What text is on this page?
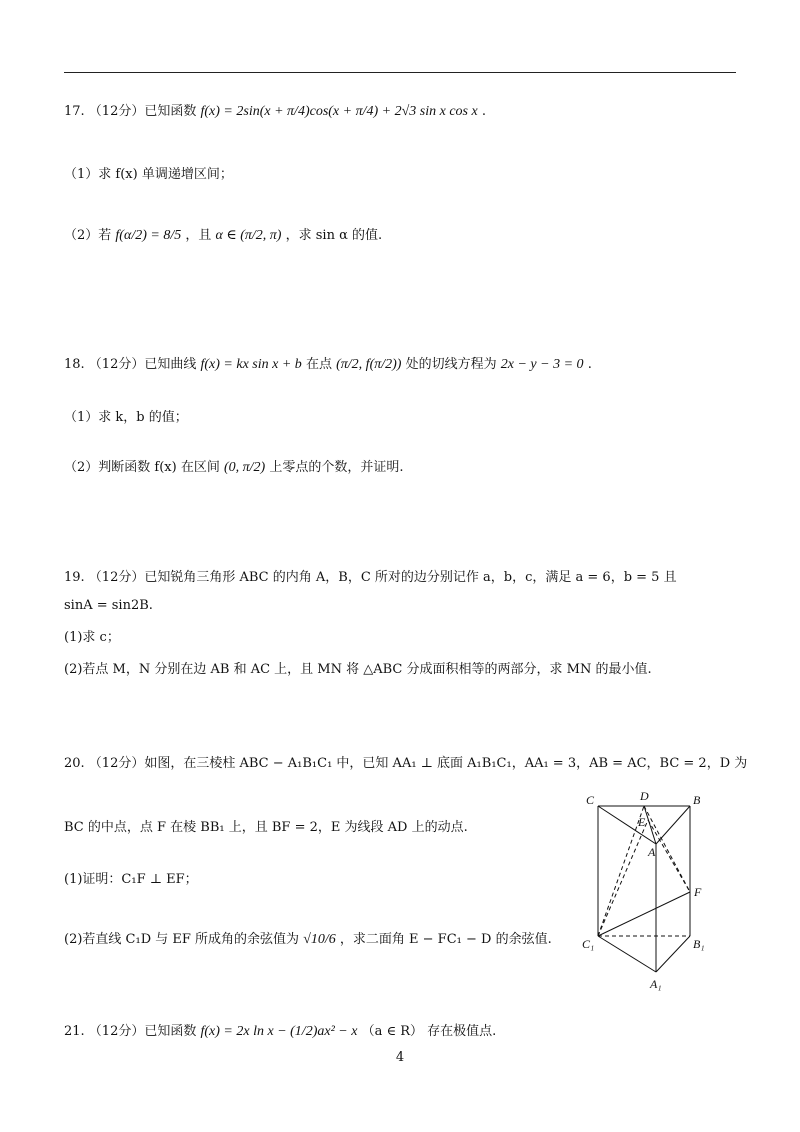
17. （12分）已知函数 f(x) = 2sin(x + π/4)cos(x + π/4) + 2√3 sin x cos x .
（1）求 f(x) 单调递增区间；
（2）若 f(α/2) = 8/5 ，且 α ∈ (π/2, π) ，求 sin α 的值.
18. （12分）已知曲线 f(x) = kx sin x + b 在点 (π/2, f(π/2)) 处的切线方程为 2x − y − 3 = 0 .
（1）求 k，b 的值；
（2）判断函数 f(x) 在区间 (0, π/2) 上零点的个数，并证明.
19. （12分）已知锐角三角形 ABC 的内角 A，B，C 所对的边分别记作 a，b，c，满足 a = 6，b = 5 且
sinA = sin2B.
(1)求 c；
(2)若点 M，N 分别在边 AB 和 AC 上，且 MN 将 △ABC 分成面积相等的两部分，求 MN 的最小值.
20. （12分）如图，在三棱柱 ABC − A₁B₁C₁ 中，已知 AA₁ ⊥ 底面 A₁B₁C₁，AA₁ = 3，AB = AC，BC = 2，D 为
BC 的中点，点 F 在棱 BB₁ 上，且 BF = 2，E 为线段 AD 上的动点.
(1)证明：C₁F ⊥ EF；
(2)若直线 C₁D 与 EF 所成角的余弦值为 √10/6 ，求二面角 E − FC₁ − D 的余弦值.
21. （12分）已知函数 f(x) = 2x ln x − (1/2)ax² − x （a ∈ R） 存在极值点.
4
C	D	B
E
A
F
C₁	B₁
A₁
